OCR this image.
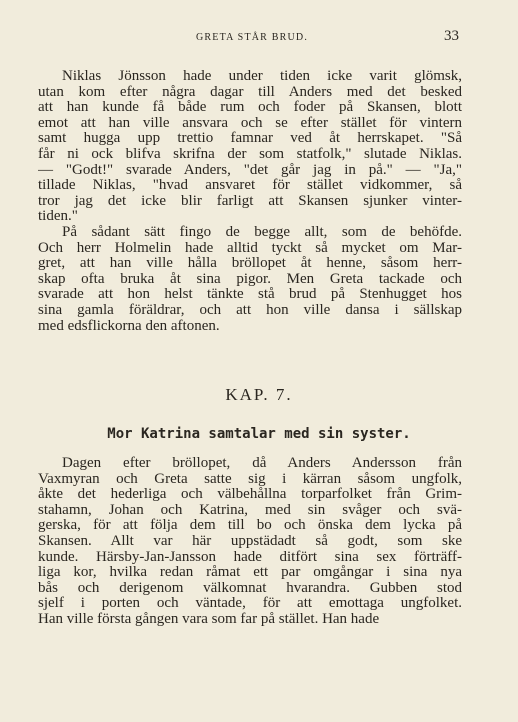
GRETA STÅR BRUD.	33
Niklas Jönsson hade under tiden icke varit glömsk,
utan kom efter några dagar till Anders med det besked
att han kunde få både rum och foder på Skansen, blott
emot att han ville ansvara och se efter stället för vintern
samt hugga upp trettio famnar ved åt herrskapet. "Så
får ni ock blifva skrifna der som statfolk," slutade Niklas.
— "Godt!" svarade Anders, "det går jag in på." — "Ja,"
tillade Niklas, "hvad ansvaret för stället vidkommer, så
tror jag det icke blir farligt att Skansen sjunker vinter-
tiden."
På sådant sätt fingo de begge allt, som de behöfde.
Och herr Holmelin hade alltid tyckt så mycket om Mar-
gret, att han ville hålla bröllopet åt henne, såsom herr-
skap ofta bruka åt sina pigor. Men Greta tackade och
svarade att hon helst tänkte stå brud på Stenhugget hos
sina gamla föräldrar, och att hon ville dansa i sällskap
med edsflickorna den aftonen.
KAP. 7.
Mor Katrina samtalar med sin syster.
Dagen efter bröllopet, då Anders Andersson från
Vaxmyran och Greta satte sig i kärran såsom ungfolk,
åkte det hederliga och välbehållna torparfolket från Grim-
stahamn, Johan och Katrina, med sin svåger och svä-
gerska, för att följa dem till bo och önska dem lycka på
Skansen. Allt var här uppstädadt så godt, som ske
kunde. Härsby-Jan-Jansson hade ditfört sina sex förträff-
liga kor, hvilka redan råmat ett par omgångar i sina nya
bås och derigenom välkomnat hvarandra. Gubben stod
sjelf i porten och väntade, för att emottaga ungfolket.
Han ville första gången vara som far på stället. Han hade
